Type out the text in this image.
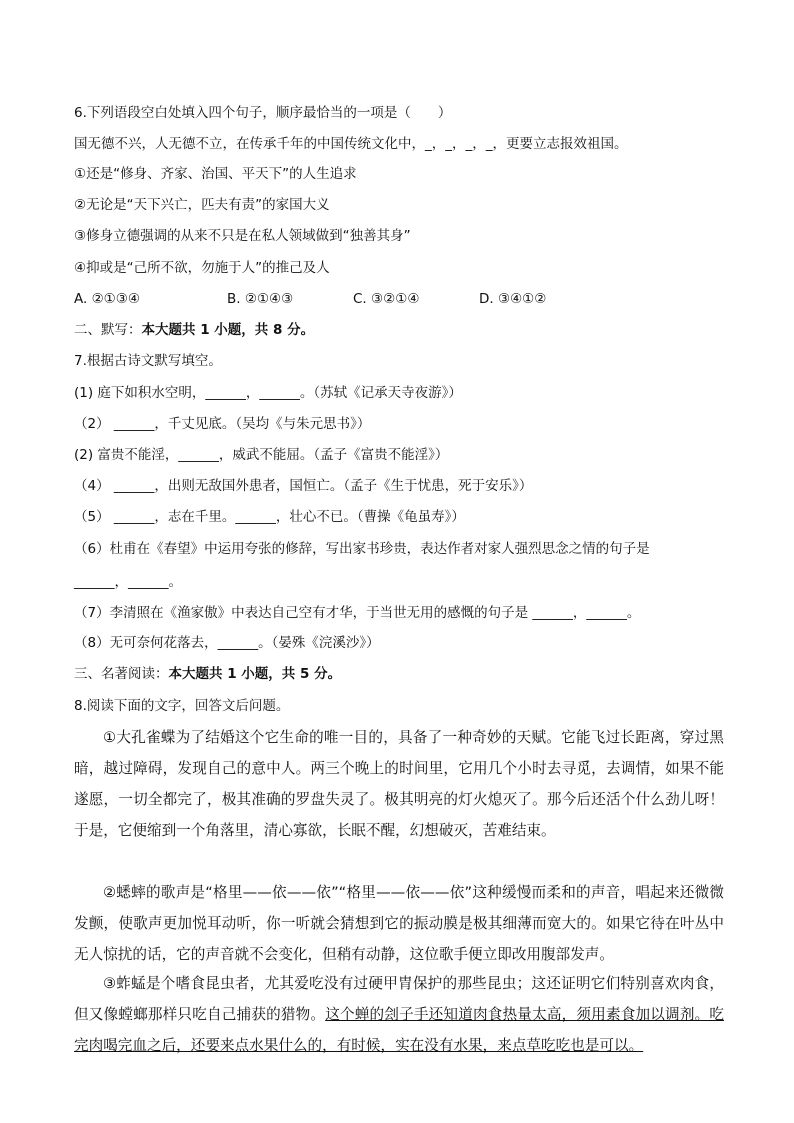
6.下列语段空白处填入四个句子，顺序最恰当的一项是（　　）
国无德不兴，人无德不立，在传承千年的中国传统文化中，_，_，_，_，更要立志报效祖国。
①还是“修身、齐家、治国、平天下”的人生追求
②无论是“天下兴亡，匹夫有责”的家国大义
③修身立德强调的从来不只是在私人领域做到“独善其身”
④抑或是“己所不欲，勿施于人”的推己及人
A. ②①③④	B. ②①④③	C. ③②①④	D. ③④①②
二、默写：本大题共 1 小题，共 8 分。
7.根据古诗文默写填空。
(1) 庭下如积水空明，______，______。（苏轼《记承天寺夜游》）
（2） ______，千丈见底。（吴均《与朱元思书》）
(2) 富贵不能淫，______，威武不能屈。（孟子《富贵不能淫》）
（4） ______，出则无敌国外患者，国恒亡。（孟子《生于忧患，死于安乐》）
（5） ______，志在千里。______，壮心不已。（曹操《龟虽寿》）
（6）杜甫在《春望》中运用夸张的修辞，写出家书珍贵，表达作者对家人强烈思念之情的句子是
______，______。
（7）李清照在《渔家傲》中表达自己空有才华，于当世无用的感慨的句子是 ______，______。
（8）无可奈何花落去，______。（晏殊《浣溪沙》）
三、名著阅读：本大题共 1 小题，共 5 分。
8.阅读下面的文字，回答文后问题。
①大孔雀蝶为了结婚这个它生命的唯一目的，具备了一种奇妙的天赋。它能飞过长距离，穿过黑暗，越过障碍，发现自己的意中人。两三个晚上的时间里，它用几个小时去寻觅，去调情，如果不能遂愿，一切全都完了，极其准确的罗盘失灵了。极其明亮的灯火熄灭了。那今后还活个什么劲儿呀！于是，它便缩到一个角落里，清心寡欲，长眠不醒，幻想破灭，苦难结束。
②蟋蟀的歌声是“格里——依——依”“格里——依——依”这种缓慢而柔和的声音，唱起来还微微发颤，使歌声更加悦耳动听，你一听就会猜想到它的振动膜是极其细薄而宽大的。如果它待在叶丛中无人惊扰的话，它的声音就不会变化，但稍有动静，这位歌手便立即改用腹部发声。
③蚱蜢是个嗜食昆虫者，尤其爱吃没有过硬甲胄保护的那些昆虫；这还证明它们特别喜欢肉食，但又像螳螂那样只吃自己捕获的猎物。这个蝉的刽子手还知道肉食热量太高，须用素食加以调剂。吃完肉喝完血之后，还要来点水果什么的，有时候，实在没有水果，来点草吃吃也是可以。
